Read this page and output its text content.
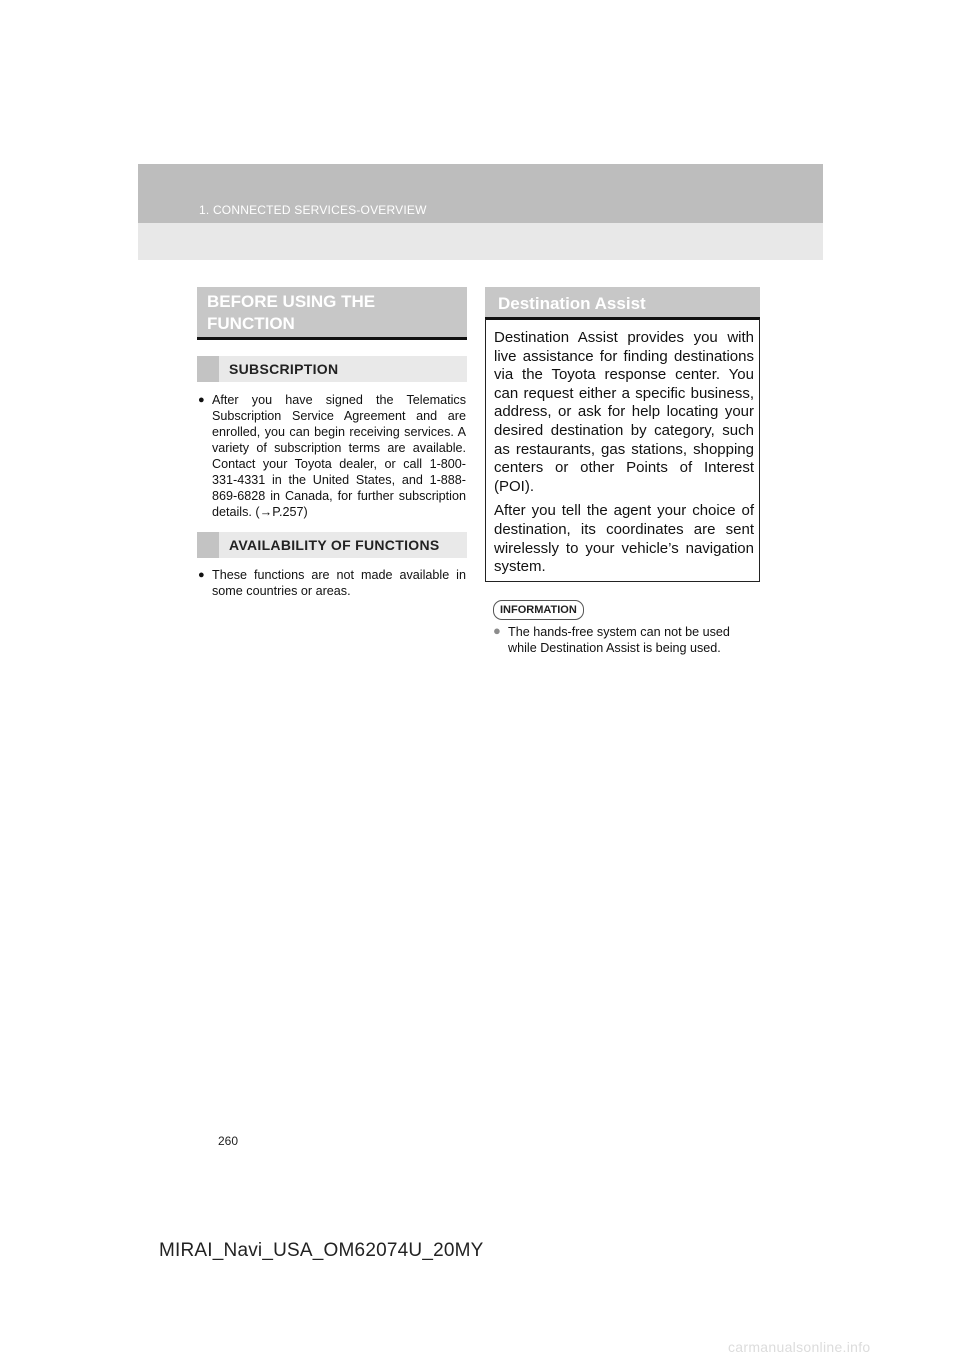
1. CONNECTED SERVICES-OVERVIEW
BEFORE USING THE
FUNCTION
SUBSCRIPTION
● After you have signed the Telematics Subscription Service Agreement and are enrolled, you can begin receiving services. A variety of subscription terms are available. Contact your Toyota dealer, or call 1-800-331-4331 in the United States, and 1-888-869-6828 in Canada, for further subscription details. (→P.257)
AVAILABILITY OF FUNCTIONS
● These functions are not made available in some countries or areas.
Destination Assist

Destination Assist provides you with live assistance for finding destinations via the Toyota response center. You can request either a specific business, address, or ask for help locating your desired destination by category, such as restaurants, gas stations, shopping centers or other Points of Interest (POI).

After you tell the agent your choice of destination, its coordinates are sent wirelessly to your vehicle’s navigation system.

INFORMATION
● The hands-free system can not be used while Destination Assist is being used.
260
MIRAI_Navi_USA_OM62074U_20MY
carmanualsonline.info
